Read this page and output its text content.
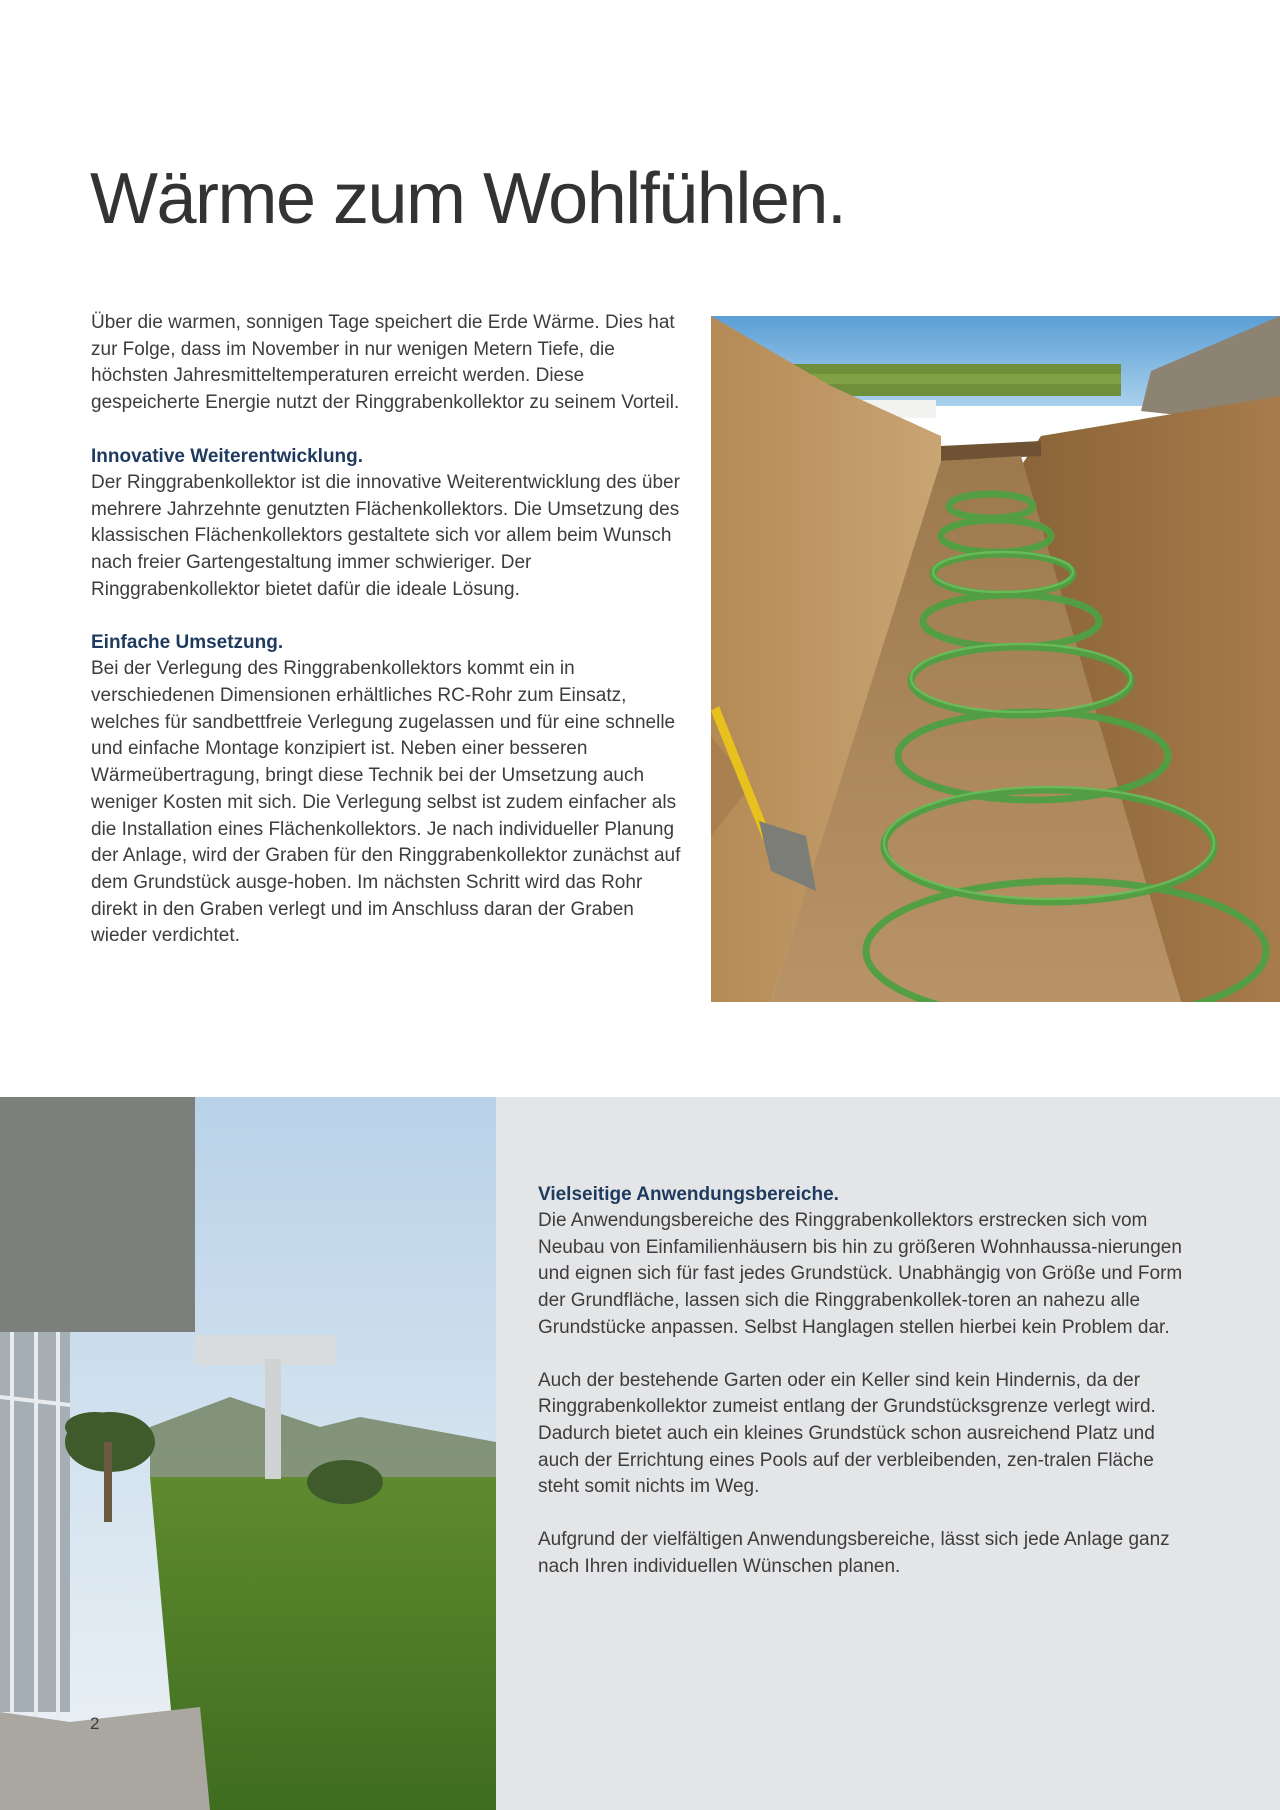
Wärme zum Wohlfühlen.

Über die warmen, sonnigen Tage speichert die Erde Wärme. Dies hat zur Folge, dass im November in nur wenigen Metern Tiefe, die höchsten Jahresmitteltemperaturen erreicht werden. Diese gespeicherte Energie nutzt der Ringgrabenkollektor zu seinem Vorteil.

Innovative Weiterentwicklung.

Der Ringgrabenkollektor ist die innovative Weiterentwicklung des über mehrere Jahrzehnte genutzten Flächenkollektors. Die Umsetzung des klassischen Flächenkollektors gestaltete sich vor allem beim Wunsch nach freier Gartengestaltung immer schwieriger. Der Ringgrabenkollektor bietet dafür die ideale Lösung.

Einfache Umsetzung.

Bei der Verlegung des Ringgrabenkollektors kommt ein in verschiedenen Dimensionen erhältliches RC-Rohr zum Einsatz, welches für sandbettfreie Verlegung zugelassen und für eine schnelle und einfache Montage konzipiert ist. Neben einer besseren Wärmeübertragung, bringt diese Technik bei der Umsetzung auch weniger Kosten mit sich. Die Verlegung selbst ist zudem einfacher als die Installation eines Flächenkollektors. Je nach individueller Planung der Anlage, wird der Graben für den Ringgrabenkollektor zunächst auf dem Grundstück ausge-hoben. Im nächsten Schritt wird das Rohr direkt in den Graben verlegt und im Anschluss daran der Graben wieder verdichtet.

Vielseitige Anwendungsbereiche.

Die Anwendungsbereiche des Ringgrabenkollektors erstrecken sich vom Neubau von Einfamilienhäusern bis hin zu größeren Wohnhaussa-nierungen und eignen sich für fast jedes Grundstück. Unabhängig von Größe und Form der Grundfläche, lassen sich die Ringgrabenkollek-toren an nahezu alle Grundstücke anpassen. Selbst Hanglagen stellen hierbei kein Problem dar.

Auch der bestehende Garten oder ein Keller sind kein Hindernis, da der Ringgrabenkollektor zumeist entlang der Grundstücksgrenze verlegt wird. Dadurch bietet auch ein kleines Grundstück schon ausreichend Platz und auch der Errichtung eines Pools auf der verbleibenden, zen-tralen Fläche steht somit nichts im Weg.

Aufgrund der vielfältigen Anwendungsbereiche, lässt sich jede Anlage ganz nach Ihren individuellen Wünschen planen.

2
